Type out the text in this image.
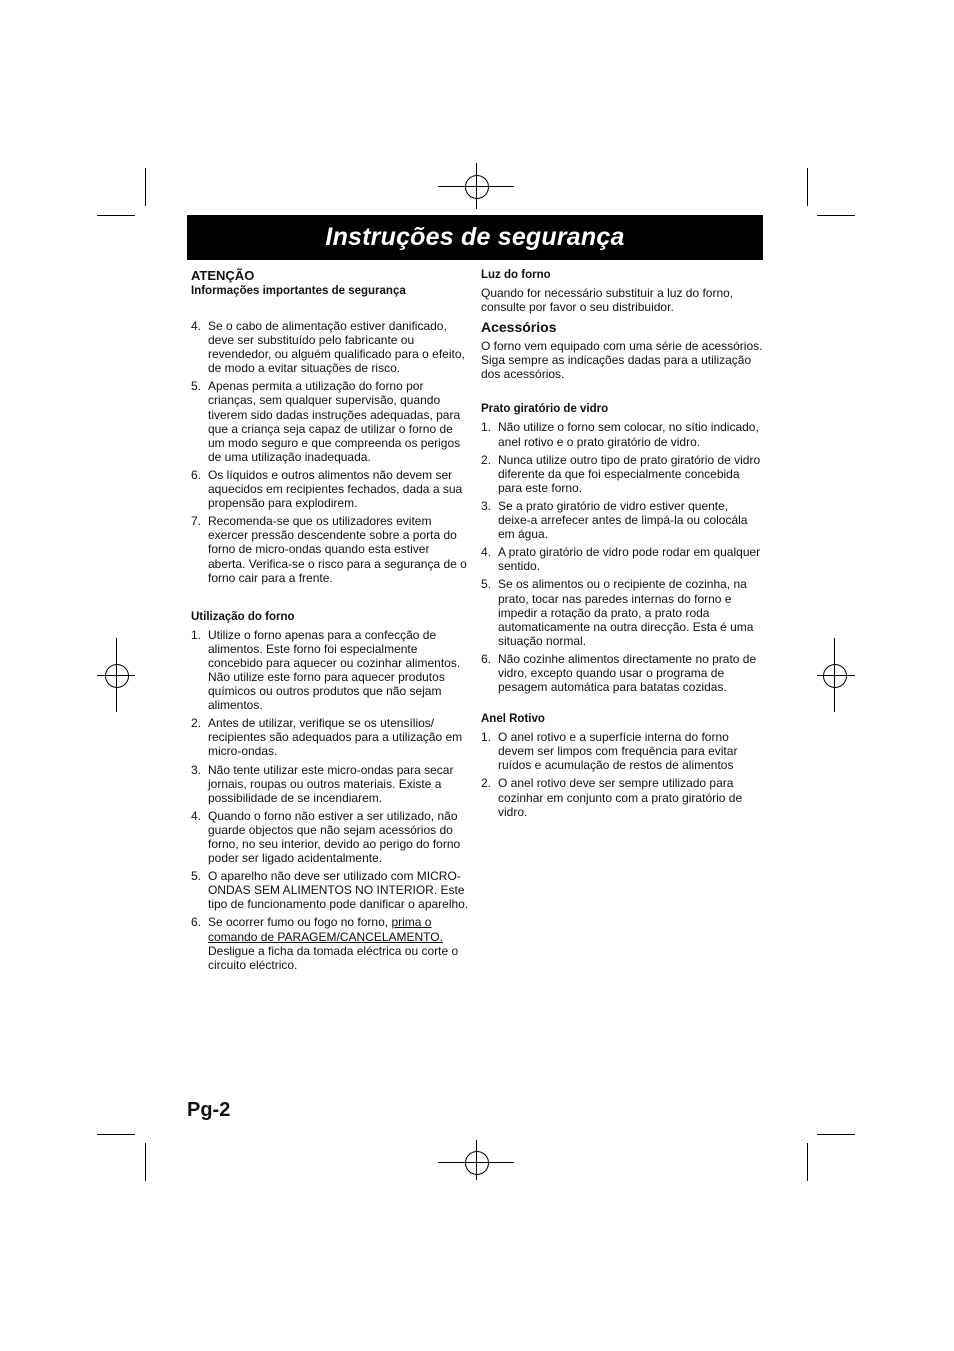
Instruções de segurança

ATENÇÃO

Informações importantes de segurança

4. Se o cabo de alimentação estiver danificado, deve ser substituído pelo fabricante ou revendedor, ou alguém qualificado para o efeito, de modo a evitar situações de risco.
5. Apenas permita a utilização do forno por crianças, sem qualquer supervisão, quando tiverem sido dadas instruções adequadas, para que a criança seja capaz de utilizar o forno de um modo seguro e que compreenda os perigos de uma utilização inadequada.
6. Os líquidos e outros alimentos não devem ser aquecidos em recipientes fechados, dada a sua propensão para explodirem.
7. Recomenda-se que os utilizadores evitem exercer pressão descendente sobre a porta do forno de micro-ondas quando esta estiver aberta. Verifica-se o risco para a segurança de o forno cair para a frente.

Utilização do forno

1. Utilize o forno apenas para a confecção de alimentos. Este forno foi especialmente concebido para aquecer ou cozinhar alimentos. Não utilize este forno para aquecer produtos químicos ou outros produtos que não sejam alimentos.
2. Antes de utilizar, verifique se os utensílios/ recipientes são adequados para a utilização em micro-ondas.
3. Não tente utilizar este micro-ondas para secar jornais, roupas ou outros materiais. Existe a possibilidade de se incendiarem.
4. Quando o forno não estiver a ser utilizado, não guarde objectos que não sejam acessórios do forno, no seu interior, devido ao perigo do forno poder ser ligado acidentalmente.
5. O aparelho não deve ser utilizado com MICRO-ONDAS SEM ALIMENTOS NO INTERIOR. Este tipo de funcionamento pode danificar o aparelho.
6. Se ocorrer fumo ou fogo no forno, prima o comando de PARAGEM/CANCELAMENTO. Desligue a ficha da tomada eléctrica ou corte o circuito eléctrico.

Luz do forno

Quando for necessário substituir a luz do forno, consulte por favor o seu distribuidor.

Acessórios

O forno vem equipado com uma série de acessórios. Siga sempre as indicações dadas para a utilização dos acessórios.

Prato giratório de vidro

1. Não utilize o forno sem colocar, no sítio indicado, anel rotivo e o prato giratório de vidro.
2. Nunca utilize outro tipo de prato giratório de vidro diferente da que foi especialmente concebida para este forno.
3. Se a prato giratório de vidro estiver quente, deixe-a arrefecer antes de limpá-la ou colocála em água.
4. A prato giratório de vidro pode rodar em qualquer sentido.
5. Se os alimentos ou o recipiente de cozinha, na prato, tocar nas paredes internas do forno e impedir a rotação da prato, a prato roda automaticamente na outra direcção. Esta é uma situação normal.
6. Não cozinhe alimentos directamente no prato de vidro, excepto quando usar o programa de pesagem automática para batatas cozidas.

Anel Rotivo

1. O anel rotivo e a superfície interna do forno devem ser limpos com frequência para evitar ruídos e acumulação de restos de alimentos
2. O anel rotivo deve ser sempre utilizado para cozinhar em conjunto com a prato giratório de vidro.
Pg-2
